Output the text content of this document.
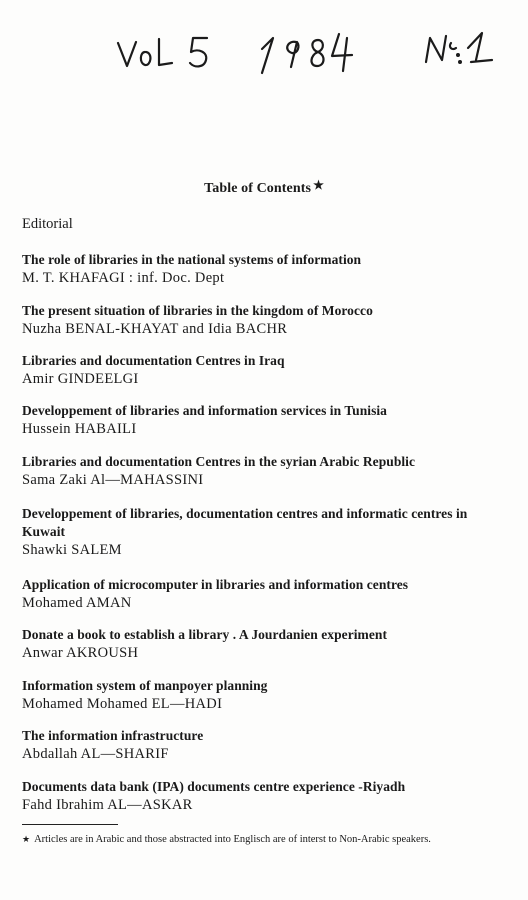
Table of Contents ★
Editorial
The role of libraries in the national systems of information
M. T. KHAFAGI : inf. Doc. Dept
The present situation of libraries in the kingdom of Morocco
Nuzha BENAL-KHAYAT and Idia BACHR
Libraries and documentation Centres in Iraq
Amir GINDEELGI
Developpement of libraries and information services in Tunisia
Hussein HABAILI
Libraries and documentation Centres in the syrian Arabic Republic
Sama Zaki Al—MAHASSINI
Developpement of libraries, documentation centres and informatic centres in Kuwait
Shawki SALEM
Application of microcomputer in libraries and information centres
Mohamed AMAN
Donate a book to establish a library . A Jourdanien experiment
Anwar AKROUSH
Information system of manpoyer planning
Mohamed Mohamed EL—HADI
The information infrastructure
Abdallah AL—SHARIF
Documents data bank (IPA) documents centre experience -Riyadh
Fahd Ibrahim AL—ASKAR
★ Articles are in Arabic and those abstracted into Englisch are of interst to Non-Arabic speakers.
